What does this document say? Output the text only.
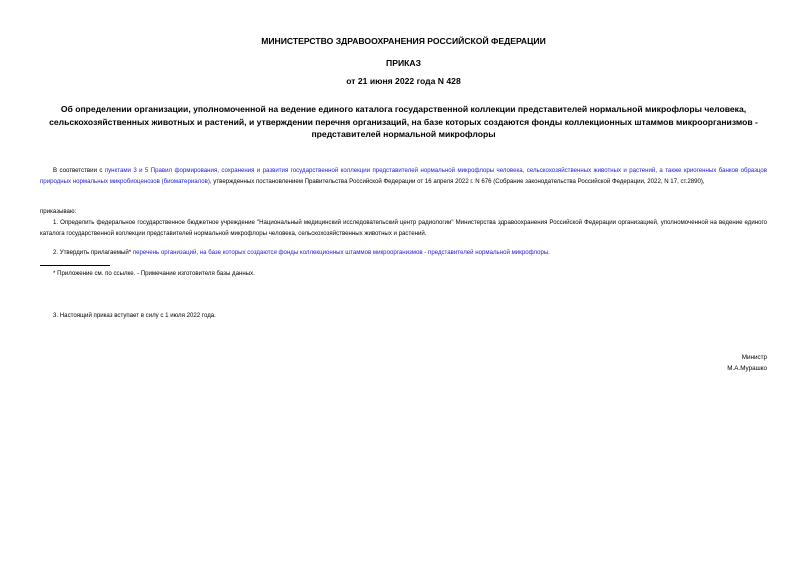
МИНИСТЕРСТВО ЗДРАВООХРАНЕНИЯ РОССИЙСКОЙ ФЕДЕРАЦИИ
ПРИКАЗ
от 21 июня 2022 года N 428
Об определении организации, уполномоченной на ведение единого каталога государственной коллекции представителей нормальной микрофлоры человека, сельскохозяйственных животных и растений, и утверждении перечня организаций, на базе которых создаются фонды коллекционных штаммов микроорганизмов - представителей нормальной микрофлоры
В соответствии с пунктами 3 и 5 Правил формирования, сохранения и развития государственной коллекции представителей нормальной микрофлоры человека, сельскохозяйственных животных и растений, а также криогенных банков образцов природных нормальных микробиоценозов (биоматериалов), утвержденных постановлением Правительства Российской Федерации от 16 апреля 2022 г. N 676 (Собрание законодательства Российской Федерации, 2022, N 17, ст.2890),
приказываю:
1. Определить федеральное государственное бюджетное учреждение "Национальный медицинский исследовательский центр радиологии" Министерства здравоохранения Российской Федерации организацией, уполномоченной на ведение единого каталога государственной коллекции представителей нормальной микрофлоры человека, сельскохозяйственных животных и растений.
2. Утвердить прилагаемый* перечень организаций, на базе которых создаются фонды коллекционных штаммов микроорганизмов - представителей нормальной микрофлоры.
* Приложение см. по ссылке. - Примечание изготовителя базы данных.
3. Настоящий приказ вступает в силу с 1 июля 2022 года.
Министр
М.А.Мурашко
